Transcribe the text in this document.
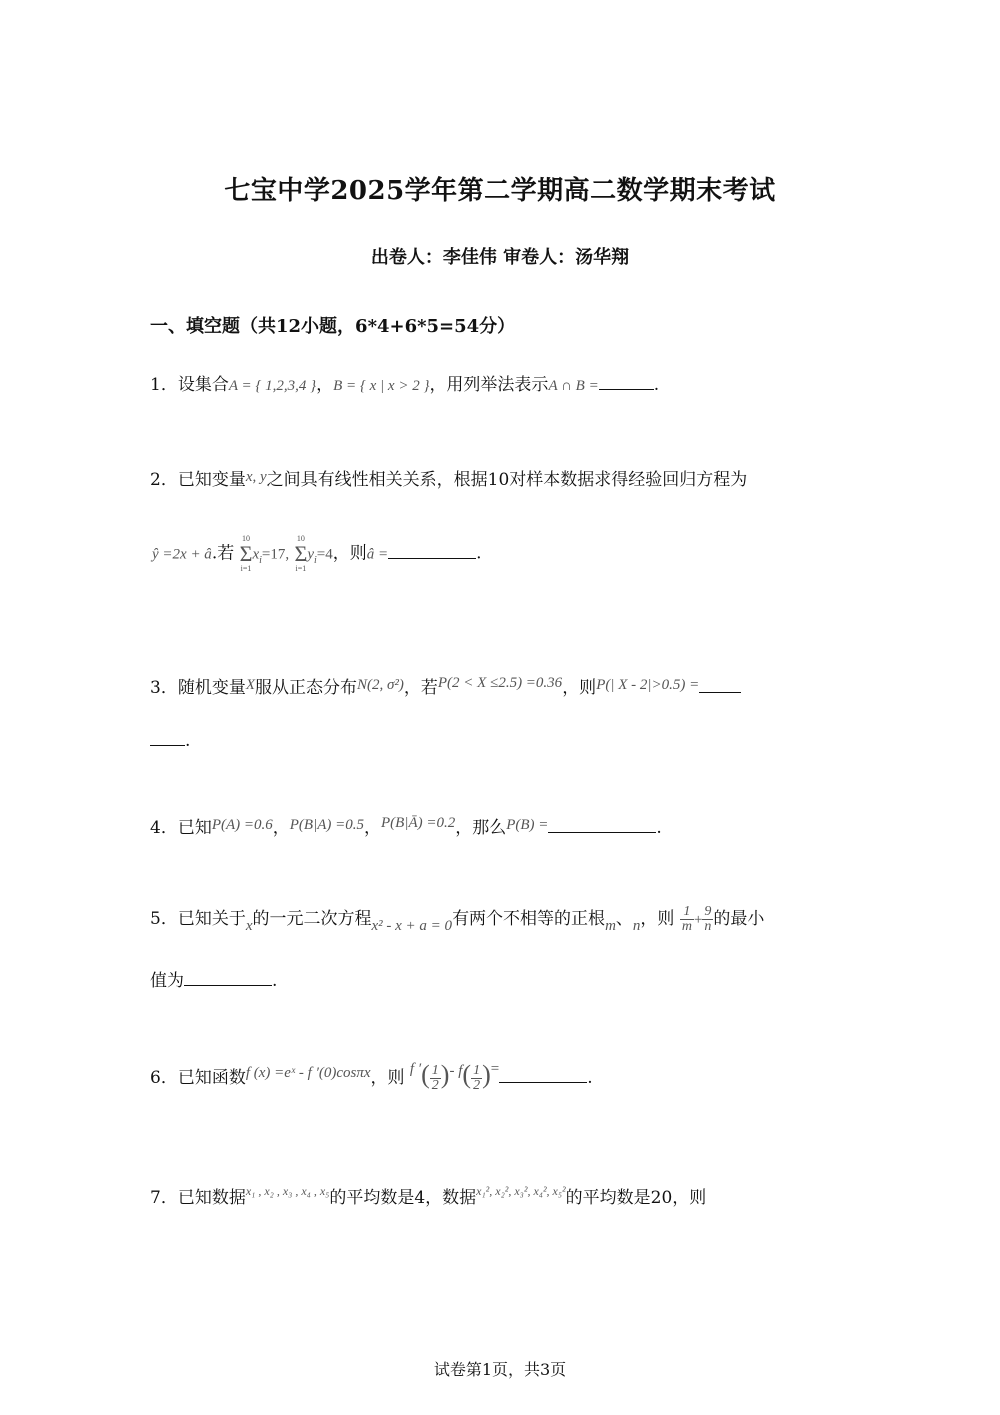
七宝中学2025学年第二学期高二数学期末考试
出卷人：李佳伟 审卷人：汤华翔
一、填空题（共12小题，6*4+6*5=54分）
1．设集合A = { 1,2,3,4 }，B = { x | x > 2 }，用列举法表示A ∩ B =	.
2．已知变量x, y之间具有线性相关关系，根据10对样本数据求得经验回归方程为
ŷ =2x + â.若
10
Σ
i=1
$x_i=17$,
10
Σ
i=1
$y_i=4$，则â =	.
3．随机变量X服从正态分布N(2, σ²)，若P(2 < X ≤2.5) =0.36，则P(| X - 2|>0.5) =
.
4．已知P(A) =0.6，P(B|A) =0.5，P(B|Ā) =0.2，那么P(B) =	.
5．已知关于x的一元二次方程x² - x + a = 0有两个不相等的正根m、n，则 $\frac{1}{m} + \frac{9}{n}$ 的最小
值为	.
6．已知函数f (x) =eˣ - f ′(0)cosπx，则 f ′( $\frac{1}{2}$ )- $f( \frac{1}{2}$ )=	.
7．已知数据$^{x_1 , x_2 , x_3 , x_4 , x_5}$的平均数是4，数据$^{x_1^2, x_2^2, x_3^2, x_4^2, x_5^2}$的平均数是20，则
试卷第1页，共3页
